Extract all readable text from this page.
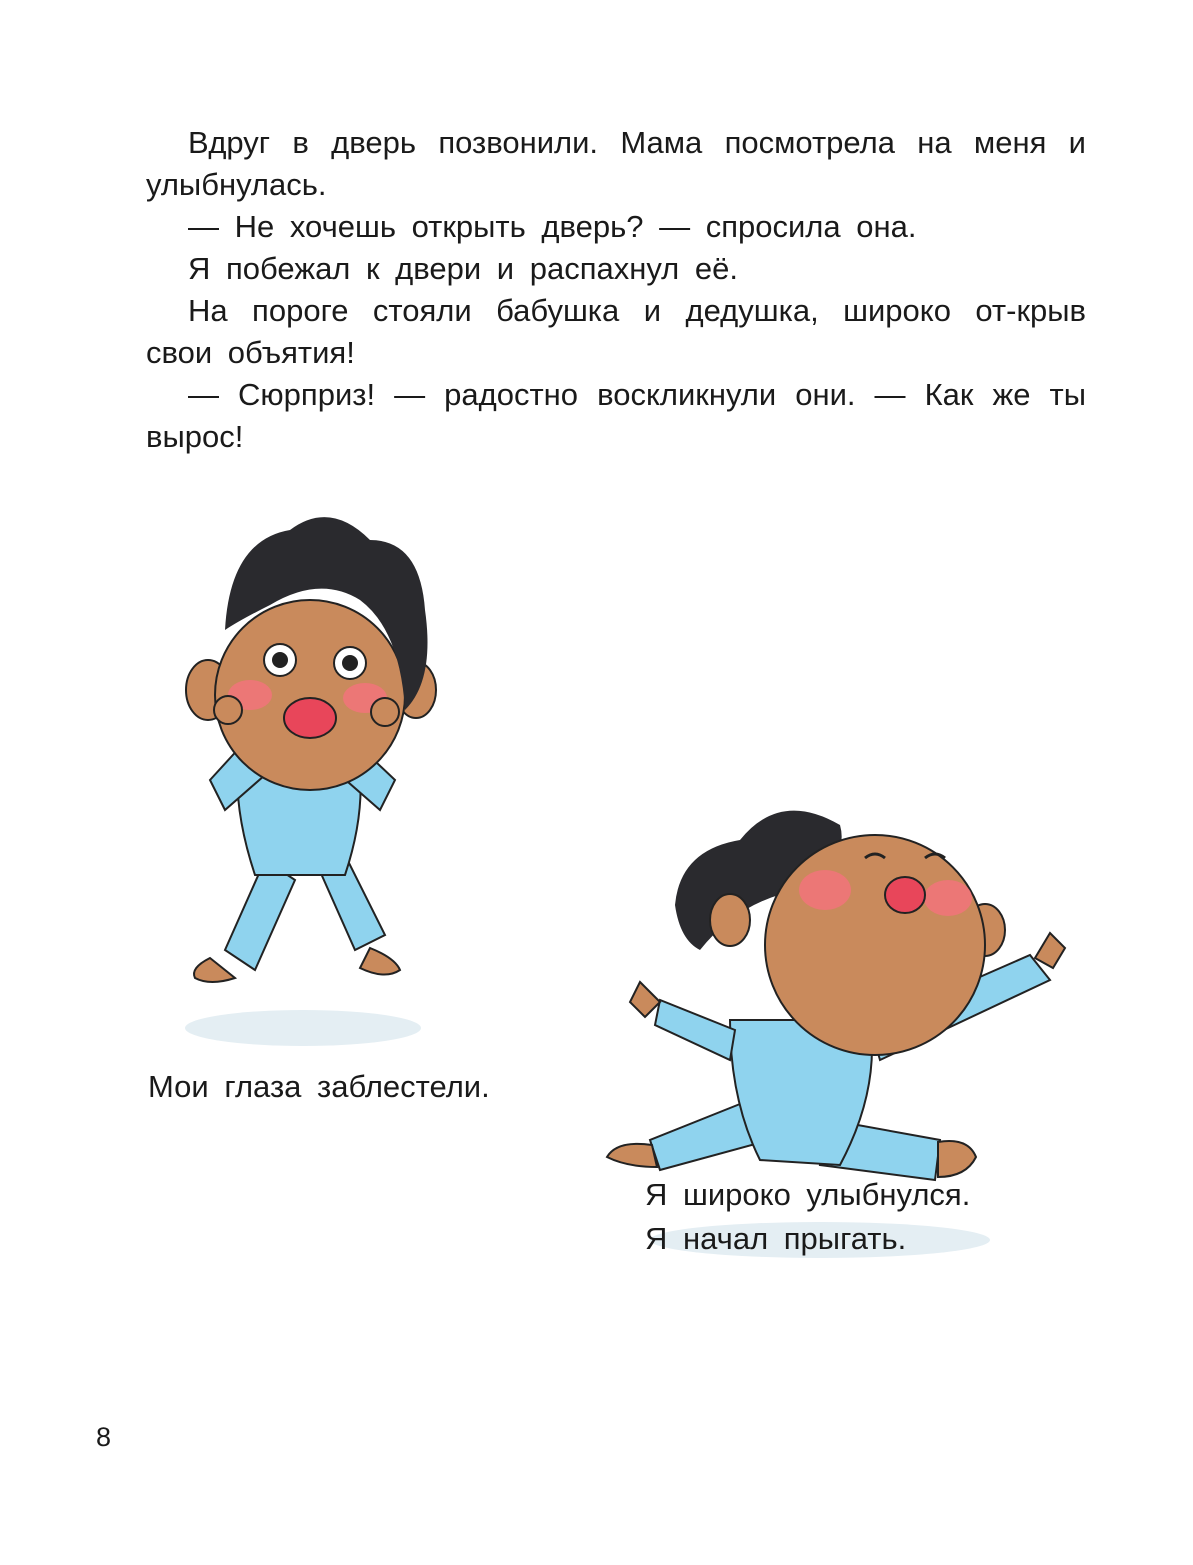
Вдруг в дверь позвонили. Мама посмотрела на меня и улыбнулась.

— Не хочешь открыть дверь? — спросила она.

Я побежал к двери и распахнул её.

На пороге стояли бабушка и дедушка, широко от-крыв свои объятия!

— Сюрприз! — радостно воскликнули они. — Как же ты вырос!

Мои глаза заблестели.
Я широко улыбнулся.
Я начал прыгать.
8
